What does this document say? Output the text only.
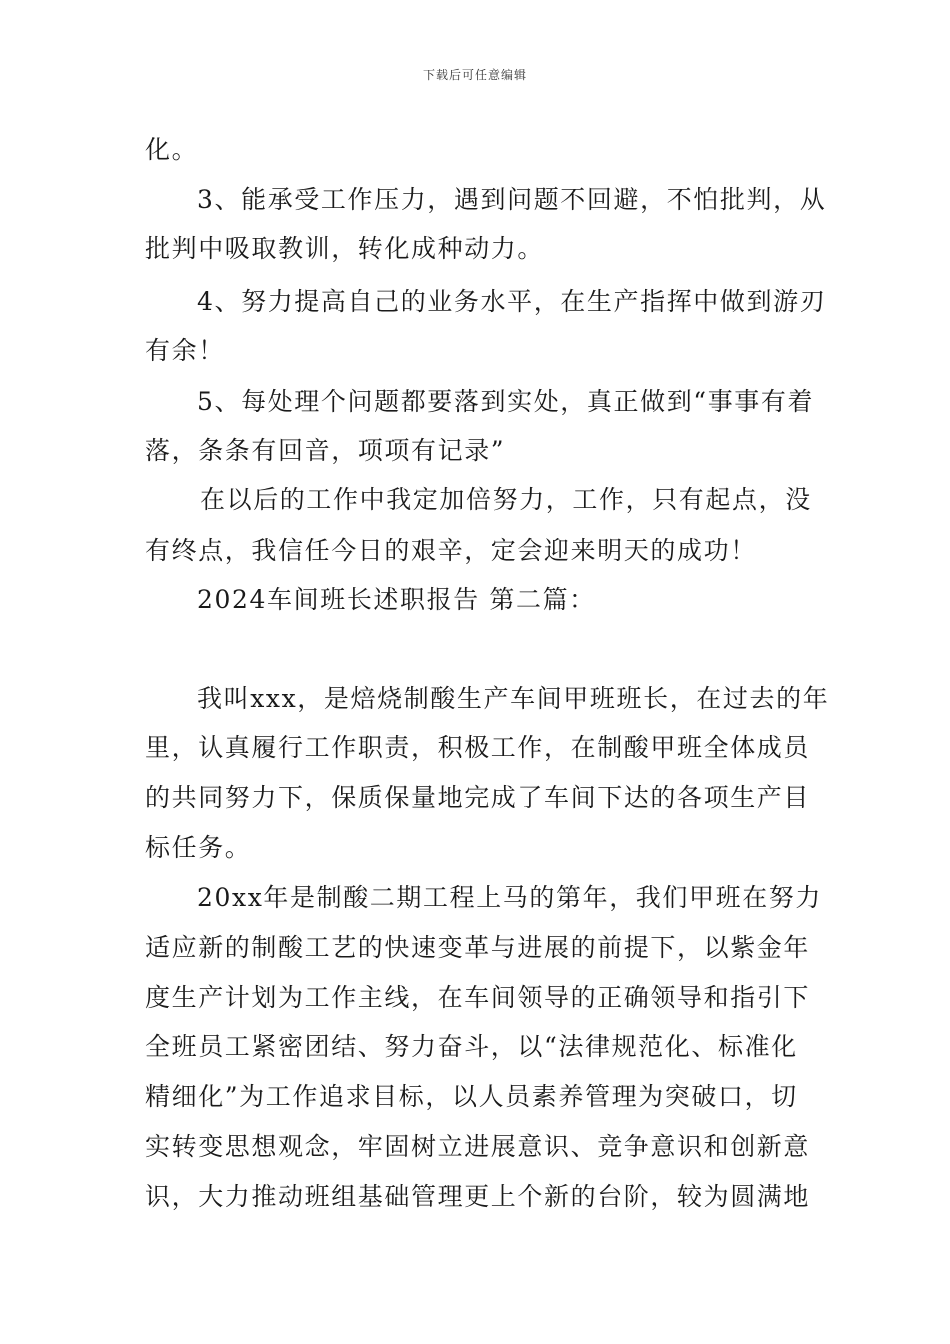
下载后可任意编辑
化。
3、能承受工作压力，遇到问题不回避，不怕批判，从
批判中吸取教训，转化成种动力。
4、努力提高自己的业务水平，在生产指挥中做到游刃
有余！
5、每处理个问题都要落到实处，真正做到“事事有着
落，条条有回音，项项有记录”
在以后的工作中我定加倍努力，工作，只有起点，没
有终点，我信任今日的艰辛，定会迎来明天的成功！
2024车间班长述职报告 第二篇：
我叫xxx，是焙烧制酸生产车间甲班班长，在过去的年
里，认真履行工作职责，积极工作，在制酸甲班全体成员
的共同努力下，保质保量地完成了车间下达的各项生产目
标任务。
20xx年是制酸二期工程上马的第年，我们甲班在努力
适应新的制酸工艺的快速变革与进展的前提下，以紫金年
度生产计划为工作主线，在车间领导的正确领导和指引下
全班员工紧密团结、努力奋斗，以“法律规范化、标准化
精细化”为工作追求目标，以人员素养管理为突破口，切
实转变思想观念，牢固树立进展意识、竞争意识和创新意
识，大力推动班组基础管理更上个新的台阶，较为圆满地
